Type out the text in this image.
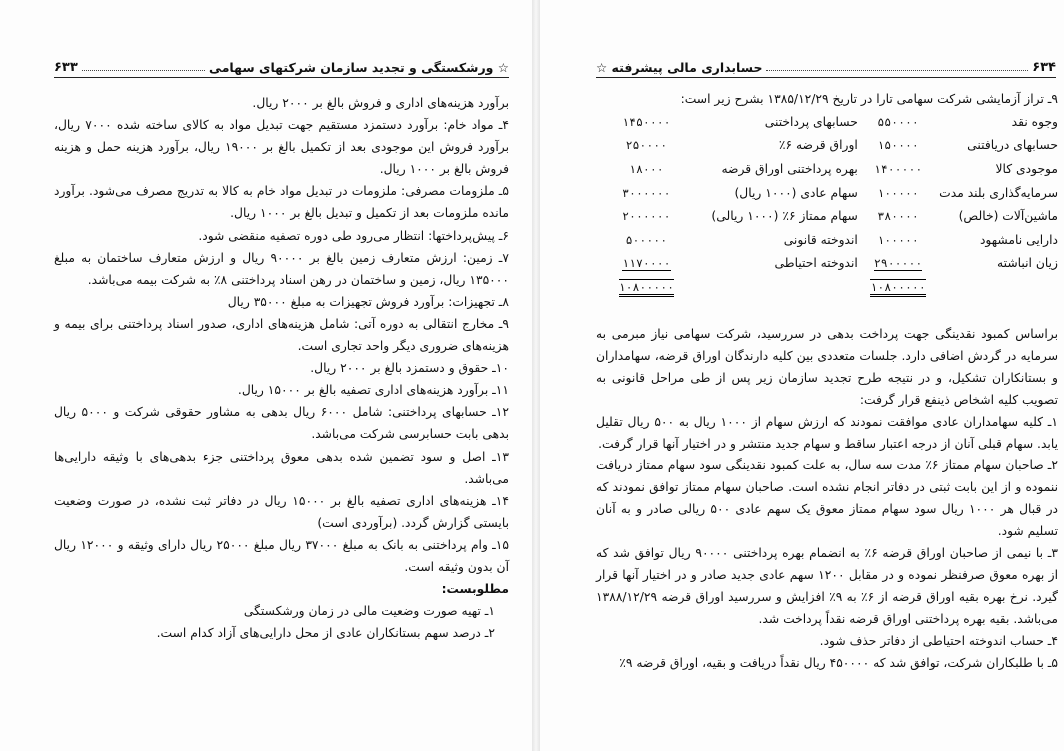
☆ ورشکستگی و تجدید سازمان شرکتهای سهامی
۶۳۳

برآورد هزینه‌های اداری و فروش بالغ بر ۲۰۰۰ ریال.

۴ـ مواد خام: برآورد دستمزد مستقیم جهت تبدیل مواد به کالای ساخته شده ۷۰۰۰ ریال، برآورد فروش این موجودی بعد از تکمیل بالغ بر ۱۹۰۰۰ ریال، برآورد هزینه حمل و هزینه فروش بالغ بر ۱۰۰۰ ریال.

۵ـ ملزومات مصرفی: ملزومات در تبدیل مواد خام به کالا به تدریج مصرف می‌شود. برآورد مانده ملزومات بعد از تکمیل و تبدیل بالغ بر ۱۰۰۰ ریال.

۶ـ پیش‌پرداختها: انتظار می‌رود طی دوره تصفیه منقضی شود.

۷ـ زمین: ارزش متعارف زمین بالغ بر ۹۰۰۰۰ ریال و ارزش متعارف ساختمان به مبلغ ۱۳۵۰۰۰ ریال، زمین و ساختمان در رهن اسناد پرداختنی ۸٪ به شرکت بیمه می‌باشد.

۸ـ تجهیزات: برآورد فروش تجهیزات به مبلغ ۳۵۰۰۰ ریال

۹ـ مخارج انتقالی به دوره آتی: شامل هزینه‌های اداری، صدور اسناد پرداختنی برای بیمه و هزینه‌های ضروری دیگر واحد تجاری است.

۱۰ـ حقوق و دستمزد بالغ بر ۲۰۰۰ ریال.

۱۱ـ برآورد هزینه‌های اداری تصفیه بالغ بر ۱۵۰۰۰ ریال.

۱۲ـ حسابهای پرداختنی: شامل ۶۰۰۰ ریال بدهی به مشاور حقوقی شرکت و ۵۰۰۰ ریال بدهی بابت حسابرسی شرکت می‌باشد.

۱۳ـ اصل و سود تضمین شده بدهی معوق پرداختنی جزء بدهی‌های با وثیقه دارایی‌ها می‌باشد.

۱۴ـ هزینه‌های اداری تصفیه بالغ بر ۱۵۰۰۰ ریال در دفاتر ثبت نشده، در صورت وضعیت بایستی گزارش گردد. (برآوردی است)

۱۵ـ وام پرداختنی به بانک به مبلغ ۳۷۰۰۰ ریال مبلغ ۲۵۰۰۰ ریال دارای وثیقه و ۱۲۰۰۰ ریال آن بدون وثیقه است.

مطلوبست:

۱ـ تهیه صورت وضعیت مالی در زمان ورشکستگی

۲ـ درصد سهم بستانکاران عادی از محل دارایی‌های آزاد کدام است.

۶۳۴
حسابداری مالی پیشرفته ☆
۹ـ تراز آزمایشی شرکت سهامی تارا در تاریخ ۱۳۸۵/۱۲/۲۹ بشرح زیر است:
وجوه نقد	۵۵۰۰۰۰	حسابهای پرداختنی	۱۴۵۰۰۰۰
حسابهای دریافتنی	۱۵۰۰۰۰	اوراق قرضه ۶٪	۲۵۰۰۰۰
موجودی کالا	۱۴۰۰۰۰۰	بهره پرداختنی اوراق قرضه	۱۸۰۰۰
سرمایه‌گذاری بلند مدت	۱۰۰۰۰۰	سهام عادی (۱۰۰۰ ریال)	۳۰۰۰۰۰۰
ماشین‌آلات (خالص)	۳۸۰۰۰۰	سهام ممتاز ۶٪ (۱۰۰۰ ریالی)	۲۰۰۰۰۰۰
دارایی نامشهود	۱۰۰۰۰۰	اندوخته قانونی	۵۰۰۰۰۰
زیان انباشته	۲۹۰۰۰۰۰	اندوخته احتیاطی	۱۱۷۰۰۰۰
	۱۰۸۰۰۰۰۰		۱۰۸۰۰۰۰۰

براساس کمبود نقدینگی جهت پرداخت بدهی در سررسید، شرکت سهامی نیاز مبرمی به سرمایه در گردش اضافی دارد. جلسات متعددی بین کلیه دارندگان اوراق قرضه، سهامداران و بستانکاران تشکیل، و در نتیجه طرح تجدید سازمان زیر پس از طی مراحل قانونی به تصویب کلیه اشخاص ذینفع قرار گرفت:

۱ـ کلیه سهامداران عادی موافقت نمودند که ارزش سهام از ۱۰۰۰ ریال به ۵۰۰ ریال تقلیل یابد. سهام قبلی آنان از درجه اعتبار ساقط و سهام جدید منتشر و در اختیار آنها قرار گرفت.

۲ـ صاحبان سهام ممتاز ۶٪ مدت سه سال، به علت کمبود نقدینگی سود سهام ممتاز دریافت ننموده و از این بابت ثبتی در دفاتر انجام نشده است. صاحبان سهام ممتاز توافق نمودند که در قبال هر ۱۰۰۰ ریال سود سهام ممتاز معوق یک سهم عادی ۵۰۰ ریالی صادر و به آنان تسلیم شود.

۳ـ با نیمی از صاحبان اوراق قرضه ۶٪ به انضمام بهره پرداختنی ۹۰۰۰۰ ریال توافق شد که از بهره معوق صرفنظر نموده و در مقابل ۱۲۰۰ سهم عادی جدید صادر و در اختیار آنها قرار گیرد. نرخ بهره بقیه اوراق قرضه از ۶٪ به ۹٪ افزایش و سررسید اوراق قرضه ۱۳۸۸/۱۲/۲۹ می‌باشد. بقیه بهره پرداختنی اوراق قرضه نقداً پرداخت شد.

۴ـ حساب اندوخته احتیاطی از دفاتر حذف شود.

۵ـ با طلبکاران شرکت، توافق شد که ۴۵۰۰۰۰ ریال نقداً دریافت و بقیه، اوراق قرضه ۹٪
